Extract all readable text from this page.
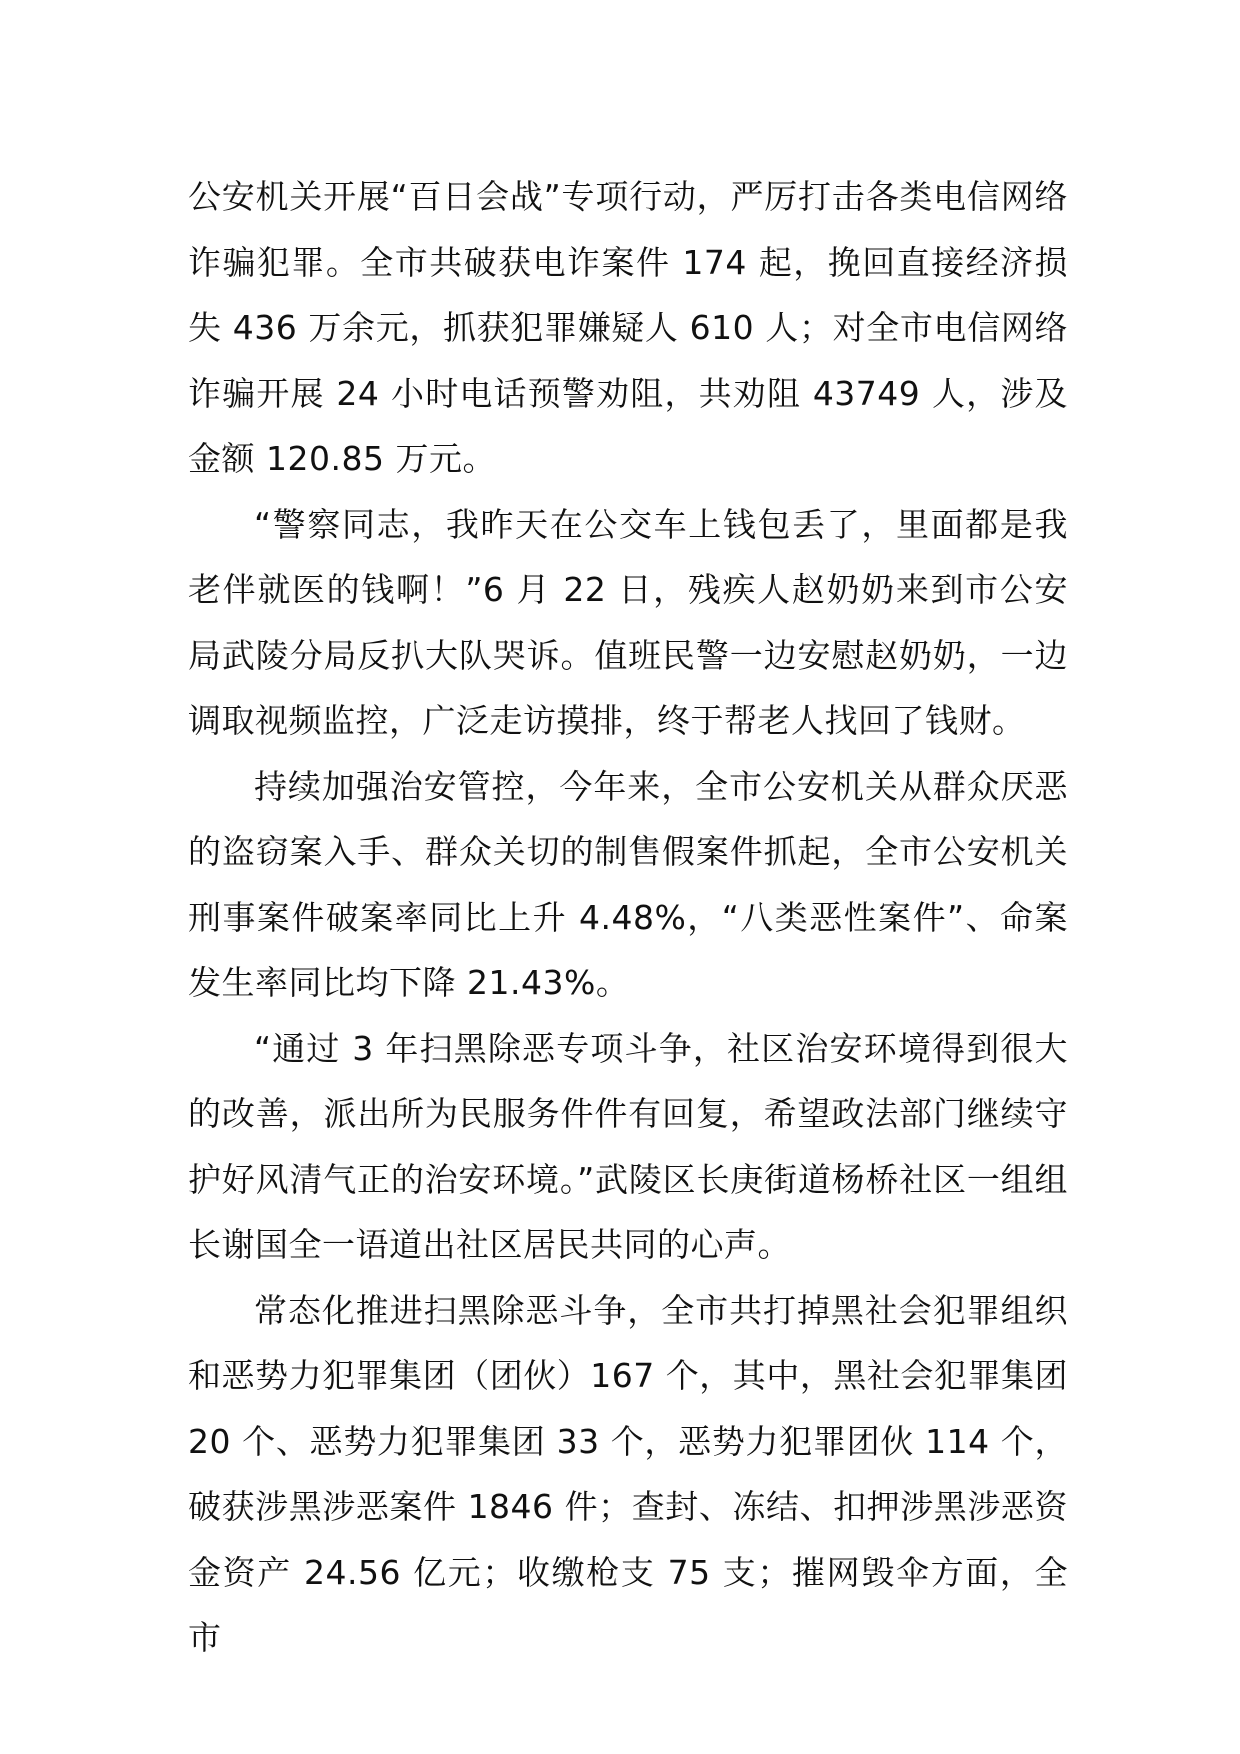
公安机关开展“百日会战”专项行动，严厉打击各类电信网络诈骗犯罪。全市共破获电诈案件 174 起，挽回直接经济损失 436 万余元，抓获犯罪嫌疑人 610 人；对全市电信网络诈骗开展 24 小时电话预警劝阻，共劝阻 43749 人，涉及金额 120.85 万元。

“警察同志，我昨天在公交车上钱包丢了，里面都是我老伴就医的钱啊！”6 月 22 日，残疾人赵奶奶来到市公安局武陵分局反扒大队哭诉。值班民警一边安慰赵奶奶，一边调取视频监控，广泛走访摸排，终于帮老人找回了钱财。

持续加强治安管控，今年来，全市公安机关从群众厌恶的盗窃案入手、群众关切的制售假案件抓起，全市公安机关刑事案件破案率同比上升 4.48%，“八类恶性案件”、命案发生率同比均下降 21.43%。

“通过 3 年扫黑除恶专项斗争，社区治安环境得到很大的改善，派出所为民服务件件有回复，希望政法部门继续守护好风清气正的治安环境。”武陵区长庚街道杨桥社区一组组长谢国全一语道出社区居民共同的心声。

常态化推进扫黑除恶斗争，全市共打掉黑社会犯罪组织和恶势力犯罪集团（团伙）167 个，其中，黑社会犯罪集团 20 个、恶势力犯罪集团 33 个，恶势力犯罪团伙 114 个，破获涉黑涉恶案件 1846 件；查封、冻结、扣押涉黑涉恶资金资产 24.56 亿元；收缴枪支 75 支；摧网毁伞方面，全市
